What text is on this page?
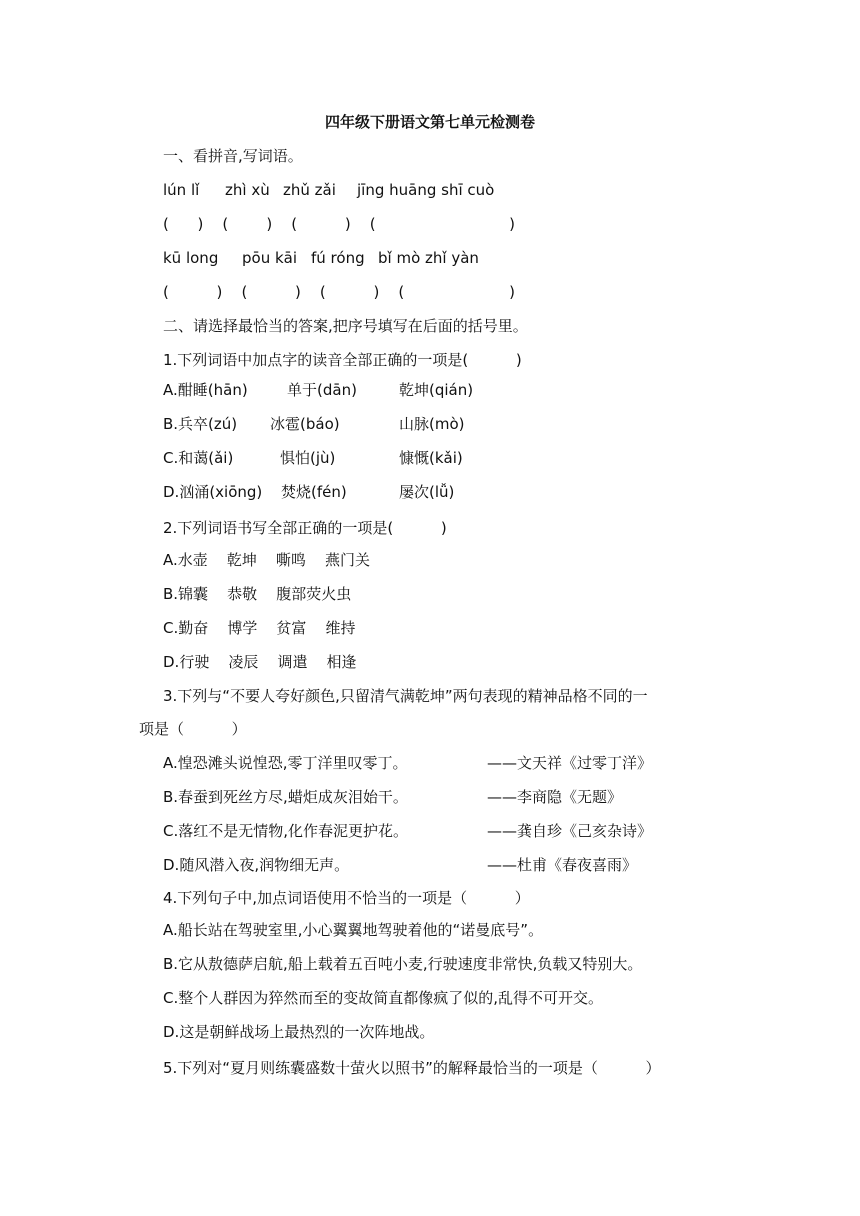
四年级下册语文第七单元检测卷
一、看拼音,写词语。
lún lǐ zhì xù zhǔ zǎi jīng huāng shī cuò
(      )    (        )    (          )    (                            )
kū long pōu kāi fú róng bǐ mò zhǐ yàn
(          )    (          )    (          )    (                      )
二、请选择最恰当的答案,把序号填写在后面的括号里。
1.下列词语中加点字的读音全部正确的一项是(          )
A.酣睡(hān)	单于(dān)	乾坤(qián)
B.兵卒(zú) 冰雹(báo)	山脉(mò)
C.和蔼(ǎi)	惧怕(jù)	慷慨(kǎi)
D.汹涌(xiōng) 焚烧(fén)	屡次(lǚ)
2.下列词语书写全部正确的一项是(          )
A.水壶    乾坤    嘶鸣    燕门关
B.锦囊    恭敬    腹部荧火虫
C.勤奋    博学    贫富    维持
D.行驶    凌辰    调遣    相逢
3.下列与“不要人夸好颜色,只留清气满乾坤”两句表现的精神品格不同的一
项是（          ）
A.惶恐滩头说惶恐,零丁洋里叹零丁。	——文天祥《过零丁洋》
B.春蚕到死丝方尽,蜡炬成灰泪始干。	——李商隐《无题》
C.落红不是无情物,化作春泥更护花。	——龚自珍《己亥杂诗》
D.随风潜入夜,润物细无声。	——杜甫《春夜喜雨》
4.下列句子中,加点词语使用不恰当的一项是（          ）
A.船长站在驾驶室里,小心翼翼地驾驶着他的“诺曼底号”。
B.它从敖德萨启航,船上载着五百吨小麦,行驶速度非常快,负载又特别大。
C.整个人群因为猝然而至的变故简直都像疯了似的,乱得不可开交。
D.这是朝鲜战场上最热烈的一次阵地战。
5.下列对“夏月则练囊盛数十萤火以照书”的解释最恰当的一项是（          ）
